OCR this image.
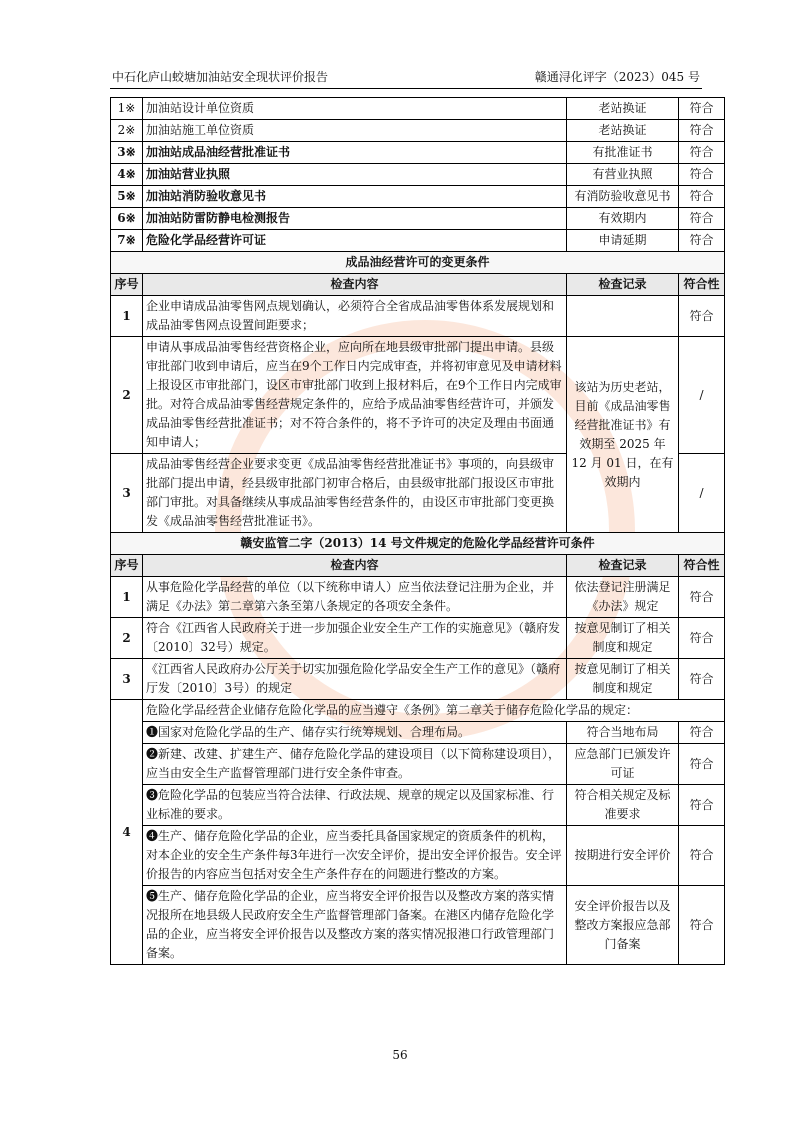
中石化庐山蛟塘加油站安全现状评价报告	赣通浔化评字（2023）045 号
1※	加油站设计单位资质	老站换证	符合
2※	加油站施工单位资质	老站换证	符合
3※	加油站成品油经营批准证书	有批准证书	符合
4※	加油站营业执照	有营业执照	符合
5※	加油站消防验收意见书	有消防验收意见书	符合
6※	加油站防雷防静电检测报告	有效期内	符合
7※	危险化学品经营许可证	申请延期	符合
成品油经营许可的变更条件			
序号	检查内容	检查记录	符合性
1	企业申请成品油零售网点规划确认，必须符合全省成品油零售体系发展规划和成品油零售网点设置间距要求；		符合
2	申请从事成品油零售经营资格企业，应向所在地县级审批部门提出申请。县级审批部门收到申请后，应当在9个工作日内完成审查，并将初审意见及申请材料上报设区市审批部门，设区市审批部门收到上报材料后，在9个工作日内完成审批。对符合成品油零售经营规定条件的，应给予成品油零售经营许可，并颁发成品油零售经营批准证书；对不符合条件的，将不予许可的决定及理由书面通知申请人；	该站为历史老站，目前《成品油零售经营批准证书》有效期至 2025 年 12 月 01 日，在有效期内	/
3	成品油零售经营企业要求变更《成品油零售经营批准证书》事项的，向县级审批部门提出申请，经县级审批部门初审合格后，由县级审批部门报设区市审批部门审批。对具备继续从事成品油零售经营条件的，由设区市审批部门变更换发《成品油零售经营批准证书》。		/
赣安监管二字（2013）14 号文件规定的危险化学品经营许可条件			
序号	检查内容	检查记录	符合性
1	从事危险化学品经营的单位（以下统称申请人）应当依法登记注册为企业，并满足《办法》第二章第六条至第八条规定的各项安全条件。	依法登记注册满足《办法》规定	符合
2	符合《江西省人民政府关于进一步加强企业安全生产工作的实施意见》（赣府发〔2010〕32号）规定。	按意见制订了相关制度和规定	符合
3	《江西省人民政府办公厅关于切实加强危险化学品安全生产工作的意见》（赣府厅发〔2010〕3号）的规定	按意见制订了相关制度和规定	符合
4	危险化学品经营企业储存危险化学品的应当遵守《条例》第二章关于储存危险化学品的规定：		
	❶国家对危险化学品的生产、储存实行统筹规划、合理布局。	符合当地布局	符合
	❷新建、改建、扩建生产、储存危险化学品的建设项目（以下简称建设项目），应当由安全生产监督管理部门进行安全条件审查。	应急部门已颁发许可证	符合
	❸危险化学品的包装应当符合法律、行政法规、规章的规定以及国家标准、行业标准的要求。	符合相关规定及标准要求	符合
	❹生产、储存危险化学品的企业，应当委托具备国家规定的资质条件的机构，对本企业的安全生产条件每3年进行一次安全评价，提出安全评价报告。安全评价报告的内容应当包括对安全生产条件存在的问题进行整改的方案。	按期进行安全评价	符合
	❺生产、储存危险化学品的企业，应当将安全评价报告以及整改方案的落实情况报所在地县级人民政府安全生产监督管理部门备案。在港区内储存危险化学品的企业，应当将安全评价报告以及整改方案的落实情况报港口行政管理部门备案。	安全评价报告以及整改方案报应急部门备案	符合
56
